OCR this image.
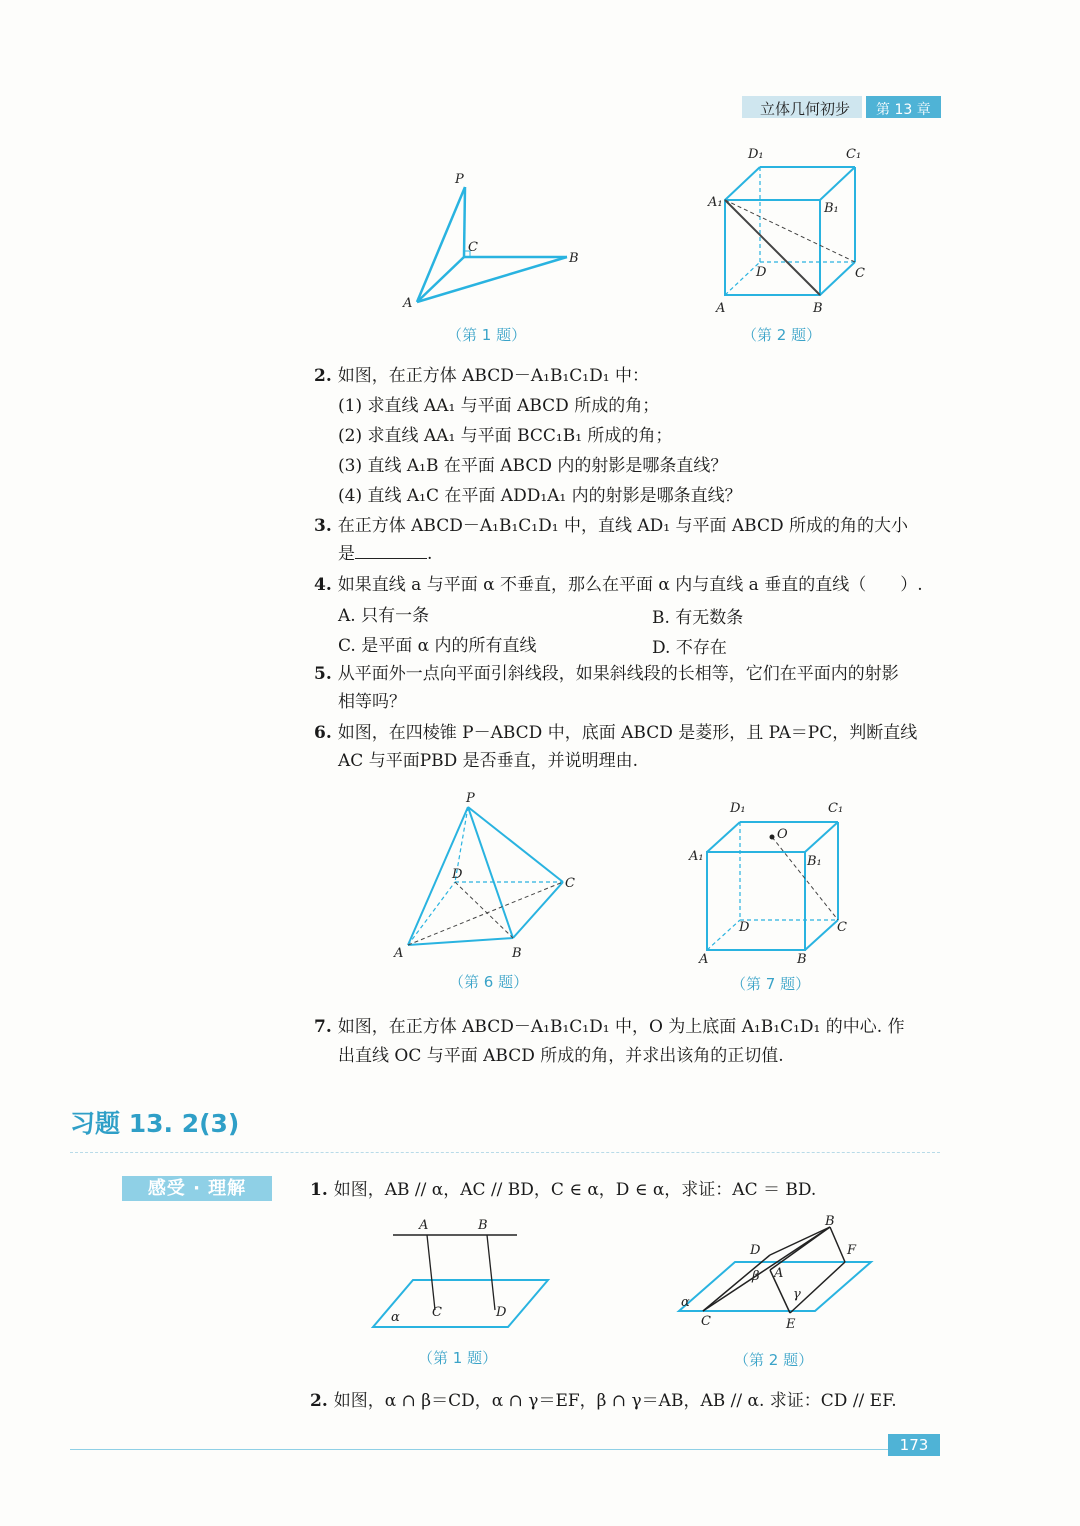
立体几何初步	第 13 章
P
C
B
A
（第 1 题）
D₁	C₁
A₁	B₁
D	C
A	B
（第 2 题）
2. 如图，在正方体 ABCD－A₁B₁C₁D₁ 中：
(1) 求直线 AA₁ 与平面 ABCD 所成的角；
(2) 求直线 AA₁ 与平面 BCC₁B₁ 所成的角；
(3) 直线 A₁B 在平面 ABCD 内的射影是哪条直线？
(4) 直线 A₁C 在平面 ADD₁A₁ 内的射影是哪条直线？
3. 在正方体 ABCD－A₁B₁C₁D₁ 中，直线 AD₁ 与平面 ABCD 所成的角的大小
是	.
4. 如果直线 a 与平面 α 不垂直，那么在平面 α 内与直线 a 垂直的直线（　　）.
A. 只有一条	B. 有无数条
C. 是平面 α 内的所有直线	D. 不存在
5. 从平面外一点向平面引斜线段，如果斜线段的长相等，它们在平面内的射影
相等吗？
6. 如图，在四棱锥 P－ABCD 中，底面 ABCD 是菱形，且 PA＝PC，判断直线
AC 与平面PBD 是否垂直，并说明理由.
P
D
C
A	B
（第 6 题）
D₁	C₁
O
A₁	B₁
D	C
A	B
（第 7 题）
7. 如图，在正方体 ABCD－A₁B₁C₁D₁ 中，O 为上底面 A₁B₁C₁D₁ 的中心. 作
出直线 OC 与平面 ABCD 所成的角，并求出该角的正切值.
习题 13. 2(3)
感受 · 理解	1. 如图，AB // α，AC // BD，C ∈ α，D ∈ α，求证：AC ＝ BD.
A	B
α C	D
（第 1 题）
B
D	F
β A
γ
α
C	E
（第 2 题）
2. 如图，α ∩ β＝CD，α ∩ γ＝EF，β ∩ γ＝AB，AB // α. 求证：CD // EF.
173
